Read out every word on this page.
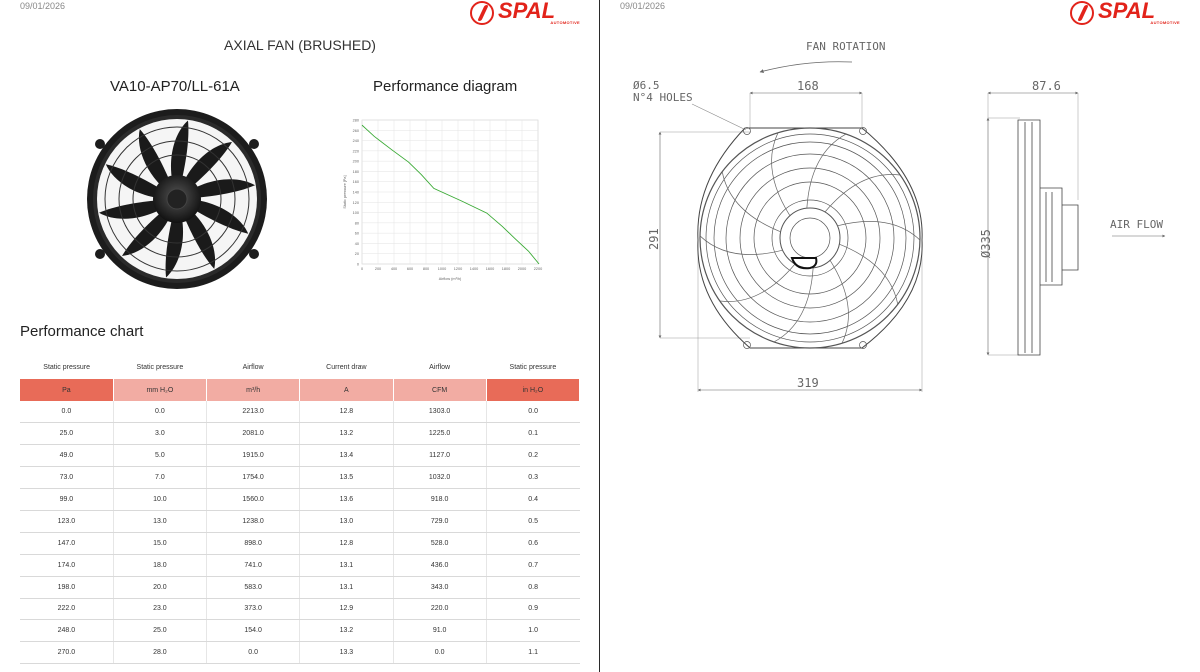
09/01/2026	SPAL
AUTOMOTIVE
AXIAL FAN (BRUSHED)
VA10-AP70/LL-61A	Performance diagram
0
20
40
60
80
100
120
140
160
180
200
220
240
260
280
0	200	400	600	800 1000 1200 1400 1600 1800 2000 2200
Airflow (m³/h)
Static pressure [Pa]
Performance chart
Static pressure	Static pressure	Airflow	Current draw	Airflow	Static pressure
Pa	mm H₂O	m³/h	A	CFM	in H₂O
0.0	0.0	2213.0	12.8	1303.0	0.0
25.0	3.0	2081.0	13.2	1225.0	0.1
49.0	5.0	1915.0	13.4	1127.0	0.2
73.0	7.0	1754.0	13.5	1032.0	0.3
99.0	10.0	1560.0	13.6	918.0	0.4
123.0	13.0	1238.0	13.0	729.0	0.5
147.0	15.0	898.0	12.8	528.0	0.6
174.0	18.0	741.0	13.1	436.0	0.7
198.0	20.0	583.0	13.1	343.0	0.8
222.0	23.0	373.0	12.9	220.0	0.9
248.0	25.0	154.0	13.2	91.0	1.0
270.0	28.0	0.0	13.3	0.0	1.1
09/01/2026	SPAL
AUTOMOTIVE
FAN ROTATION
Ø6.5
N°4 HOLES
168
291
319
87.6
Ø335
AIR FLOW
